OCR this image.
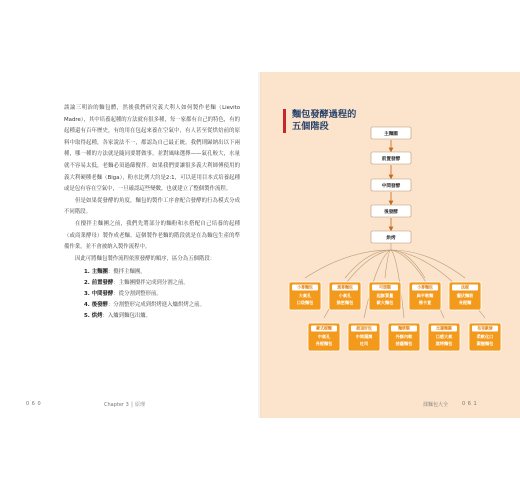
談論三明治的麵包體，然後我們研究義大利人如何製作老麵（Lievito Madre），其中培養起種的方法就有很多種，每一家都有自己的特色，有的起種還有百年歷史，有的用在包起來養在空氣中，有人甚至從烘焙前的原料中取得起種，各家說法不一，都認為自己最正統。我們則歸納出以下兩種，哪一種的方法就是隨同要將做事，並對風味選擇——氣孔較大，水量就不容易太低，老麵必須過篩攪拌。如果我們要讓很多義大利師傅使用的義大利硬種老麵（Biga），粉水比例大約是2:1，可以延用目本式培養起種或是包有容在空氣中，一旦確認這些變數，也就建立了整個製作流程。

但是如果從發酵的角度，麵包的製作工序會配合發酵的行為模式分成不同階段。

在攪拌主麵團之前，我們先將部分的麵粉和水搭配自己培養的起種（或商業酵母）製作成老麵。這個製作老麵的階段就是在為麵包生產的準備作業，並不會被納入製作流程中。

因此可將麵包製作流程依照發酵的順序，區分為五個階段：

1. 主麵團：攪拌主麵團。
2. 前置發酵：主麵團攪拌完成到分割之前。
3. 中間發酵：從分割到整形前。
4. 後發酵：分割整形完成到烘烤進入爐烘烤之前。
5. 烘烤：入爐到麵包出爐。
0 6 0	Chapter 3 │ 原理
麵包發酵過程的
五個階段
主麵團
前置發酵
中間發酵
後發酵
烘烤
小麥麵包
大氣孔
口袋麵包
黑麥麵包
小氣孔
綿密麵包
可頌類
起酥質量
歐大麵包
小麥麵包
扁平軟麵
佛卡夏
法棍
擺伏麵筋
長棍麵
歐式棍麵
中氣孔
長棍麵包
甜頂好包
中間濕潤
吐司
麵餅類
外酥內軟
披薩麵包
比薩麵團
口感大氣
窯烤麵包
布里歐修
柔軟化口
圓圈麵包
揉麵包大全	0 6 1
